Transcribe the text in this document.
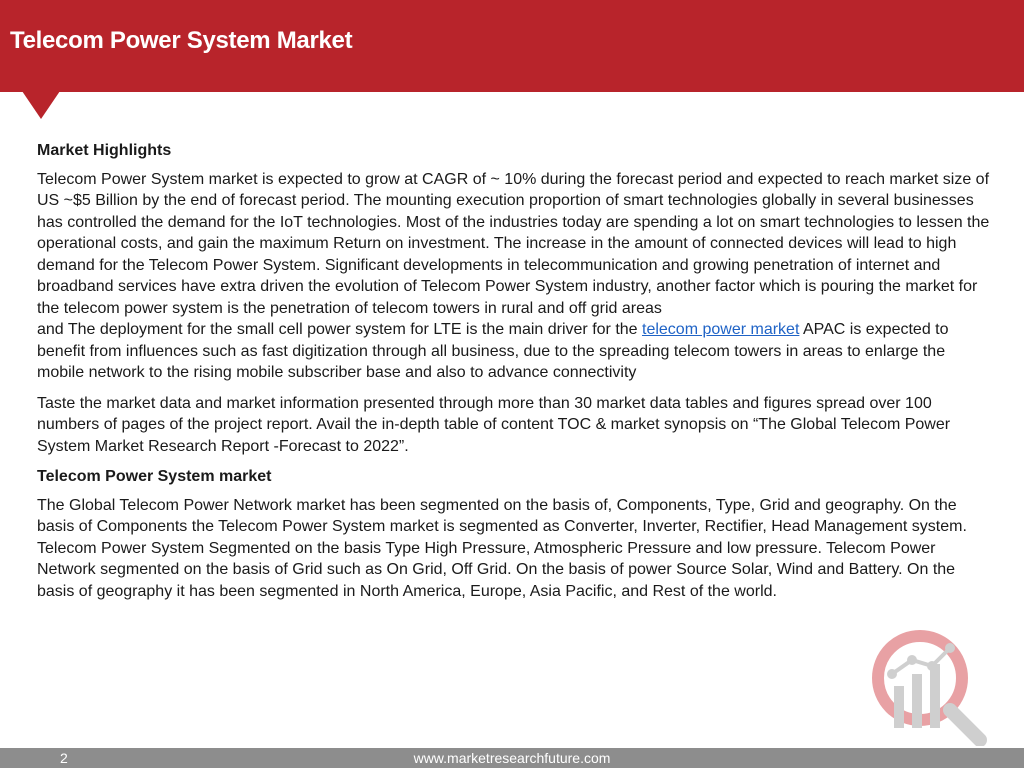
Telecom Power System Market
Market Highlights

Telecom Power System market is expected to grow at CAGR of ~ 10% during the forecast period and expected to reach market size of US ~$5 Billion by the end of forecast period. The mounting execution proportion of smart technologies globally in several businesses has controlled the demand for the IoT technologies. Most of the industries today are spending a lot on smart technologies to lessen the operational costs, and gain the maximum Return on investment. The increase in the amount of connected devices will lead to high demand for the Telecom Power System. Significant developments in telecommunication and growing penetration of internet and broadband services have extra driven the evolution of Telecom Power System industry, another factor which is pouring the market for the telecom power system is the penetration of telecom towers in rural and off grid areas
and The deployment for the small cell power system for LTE is the main driver for the telecom power market APAC is expected to benefit from influences such as fast digitization through all business, due to the spreading telecom towers in areas to enlarge the mobile network to the rising mobile subscriber base and also to advance connectivity

Taste the market data and market information presented through more than 30 market data tables and figures spread over 100 numbers of pages of the project report. Avail the in-depth table of content TOC & market synopsis on “The Global Telecom Power System Market Research Report -Forecast to 2022”.

Telecom Power System market

The Global Telecom Power Network market has been segmented on the basis of, Components, Type, Grid and geography. On the basis of Components the Telecom Power System market is segmented as Converter, Inverter, Rectifier, Head Management system. Telecom Power System Segmented on the basis Type High Pressure, Atmospheric Pressure and low pressure. Telecom Power Network segmented on the basis of Grid such as On Grid, Off Grid. On the basis of power Source Solar, Wind and Battery. On the basis of geography it has been segmented in North America, Europe, Asia Pacific, and Rest of the world.

www.marketresearchfuture.com
2
